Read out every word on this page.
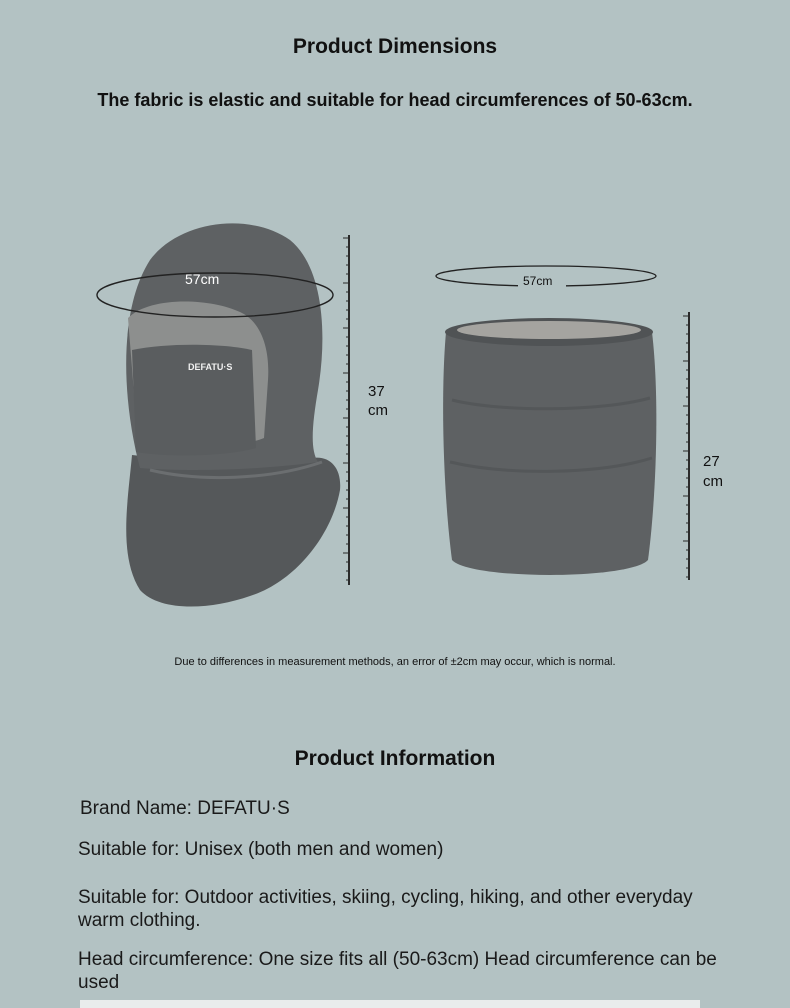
Product Dimensions

The fabric is elastic and suitable for head circumferences of 50-63cm.

57cm
DEFATU·S
37
cm
57cm
27
cm

Due to differences in measurement methods, an error of ±2cm may occur, which is normal.

Product Information

Brand Name: DEFATU·S

Suitable for: Unisex (both men and women)

Suitable for: Outdoor activities, skiing, cycling, hiking, and other everyday warm clothing.

Head circumference: One size fits all (50-63cm) Head circumference can be used
